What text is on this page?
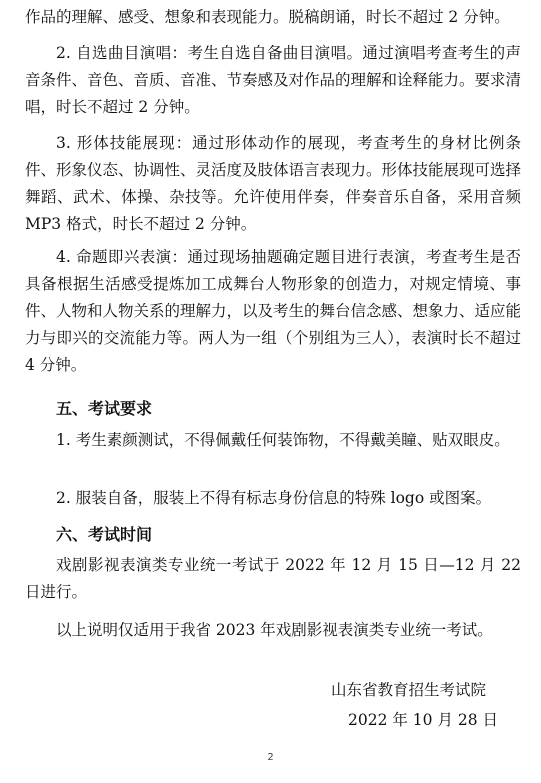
作品的理解、感受、想象和表现能力。脱稿朗诵，时长不超过 2 分钟。

2. 自选曲目演唱：考生自选自备曲目演唱。通过演唱考查考生的声音条件、音色、音质、音准、节奏感及对作品的理解和诠释能力。要求清唱，时长不超过 2 分钟。

3. 形体技能展现：通过形体动作的展现，考查考生的身材比例条件、形象仪态、协调性、灵活度及肢体语言表现力。形体技能展现可选择舞蹈、武术、体操、杂技等。允许使用伴奏，伴奏音乐自备，采用音频MP3 格式，时长不超过 2 分钟。

4. 命题即兴表演：通过现场抽题确定题目进行表演，考查考生是否具备根据生活感受提炼加工成舞台人物形象的创造力，对规定情境、事件、人物和人物关系的理解力，以及考生的舞台信念感、想象力、适应能力与即兴的交流能力等。两人为一组（个别组为三人），表演时长不超过 4 分钟。

五、考试要求

1. 考生素颜测试，不得佩戴任何装饰物，不得戴美瞳、贴双眼皮。

2. 服装自备，服装上不得有标志身份信息的特殊 logo 或图案。

六、考试时间

戏剧影视表演类专业统一考试于 2022 年 12 月 15 日—12 月 22 日进行。

以上说明仅适用于我省 2023 年戏剧影视表演类专业统一考试。

山东省教育招生考试院

2022 年 10 月 28 日

2
